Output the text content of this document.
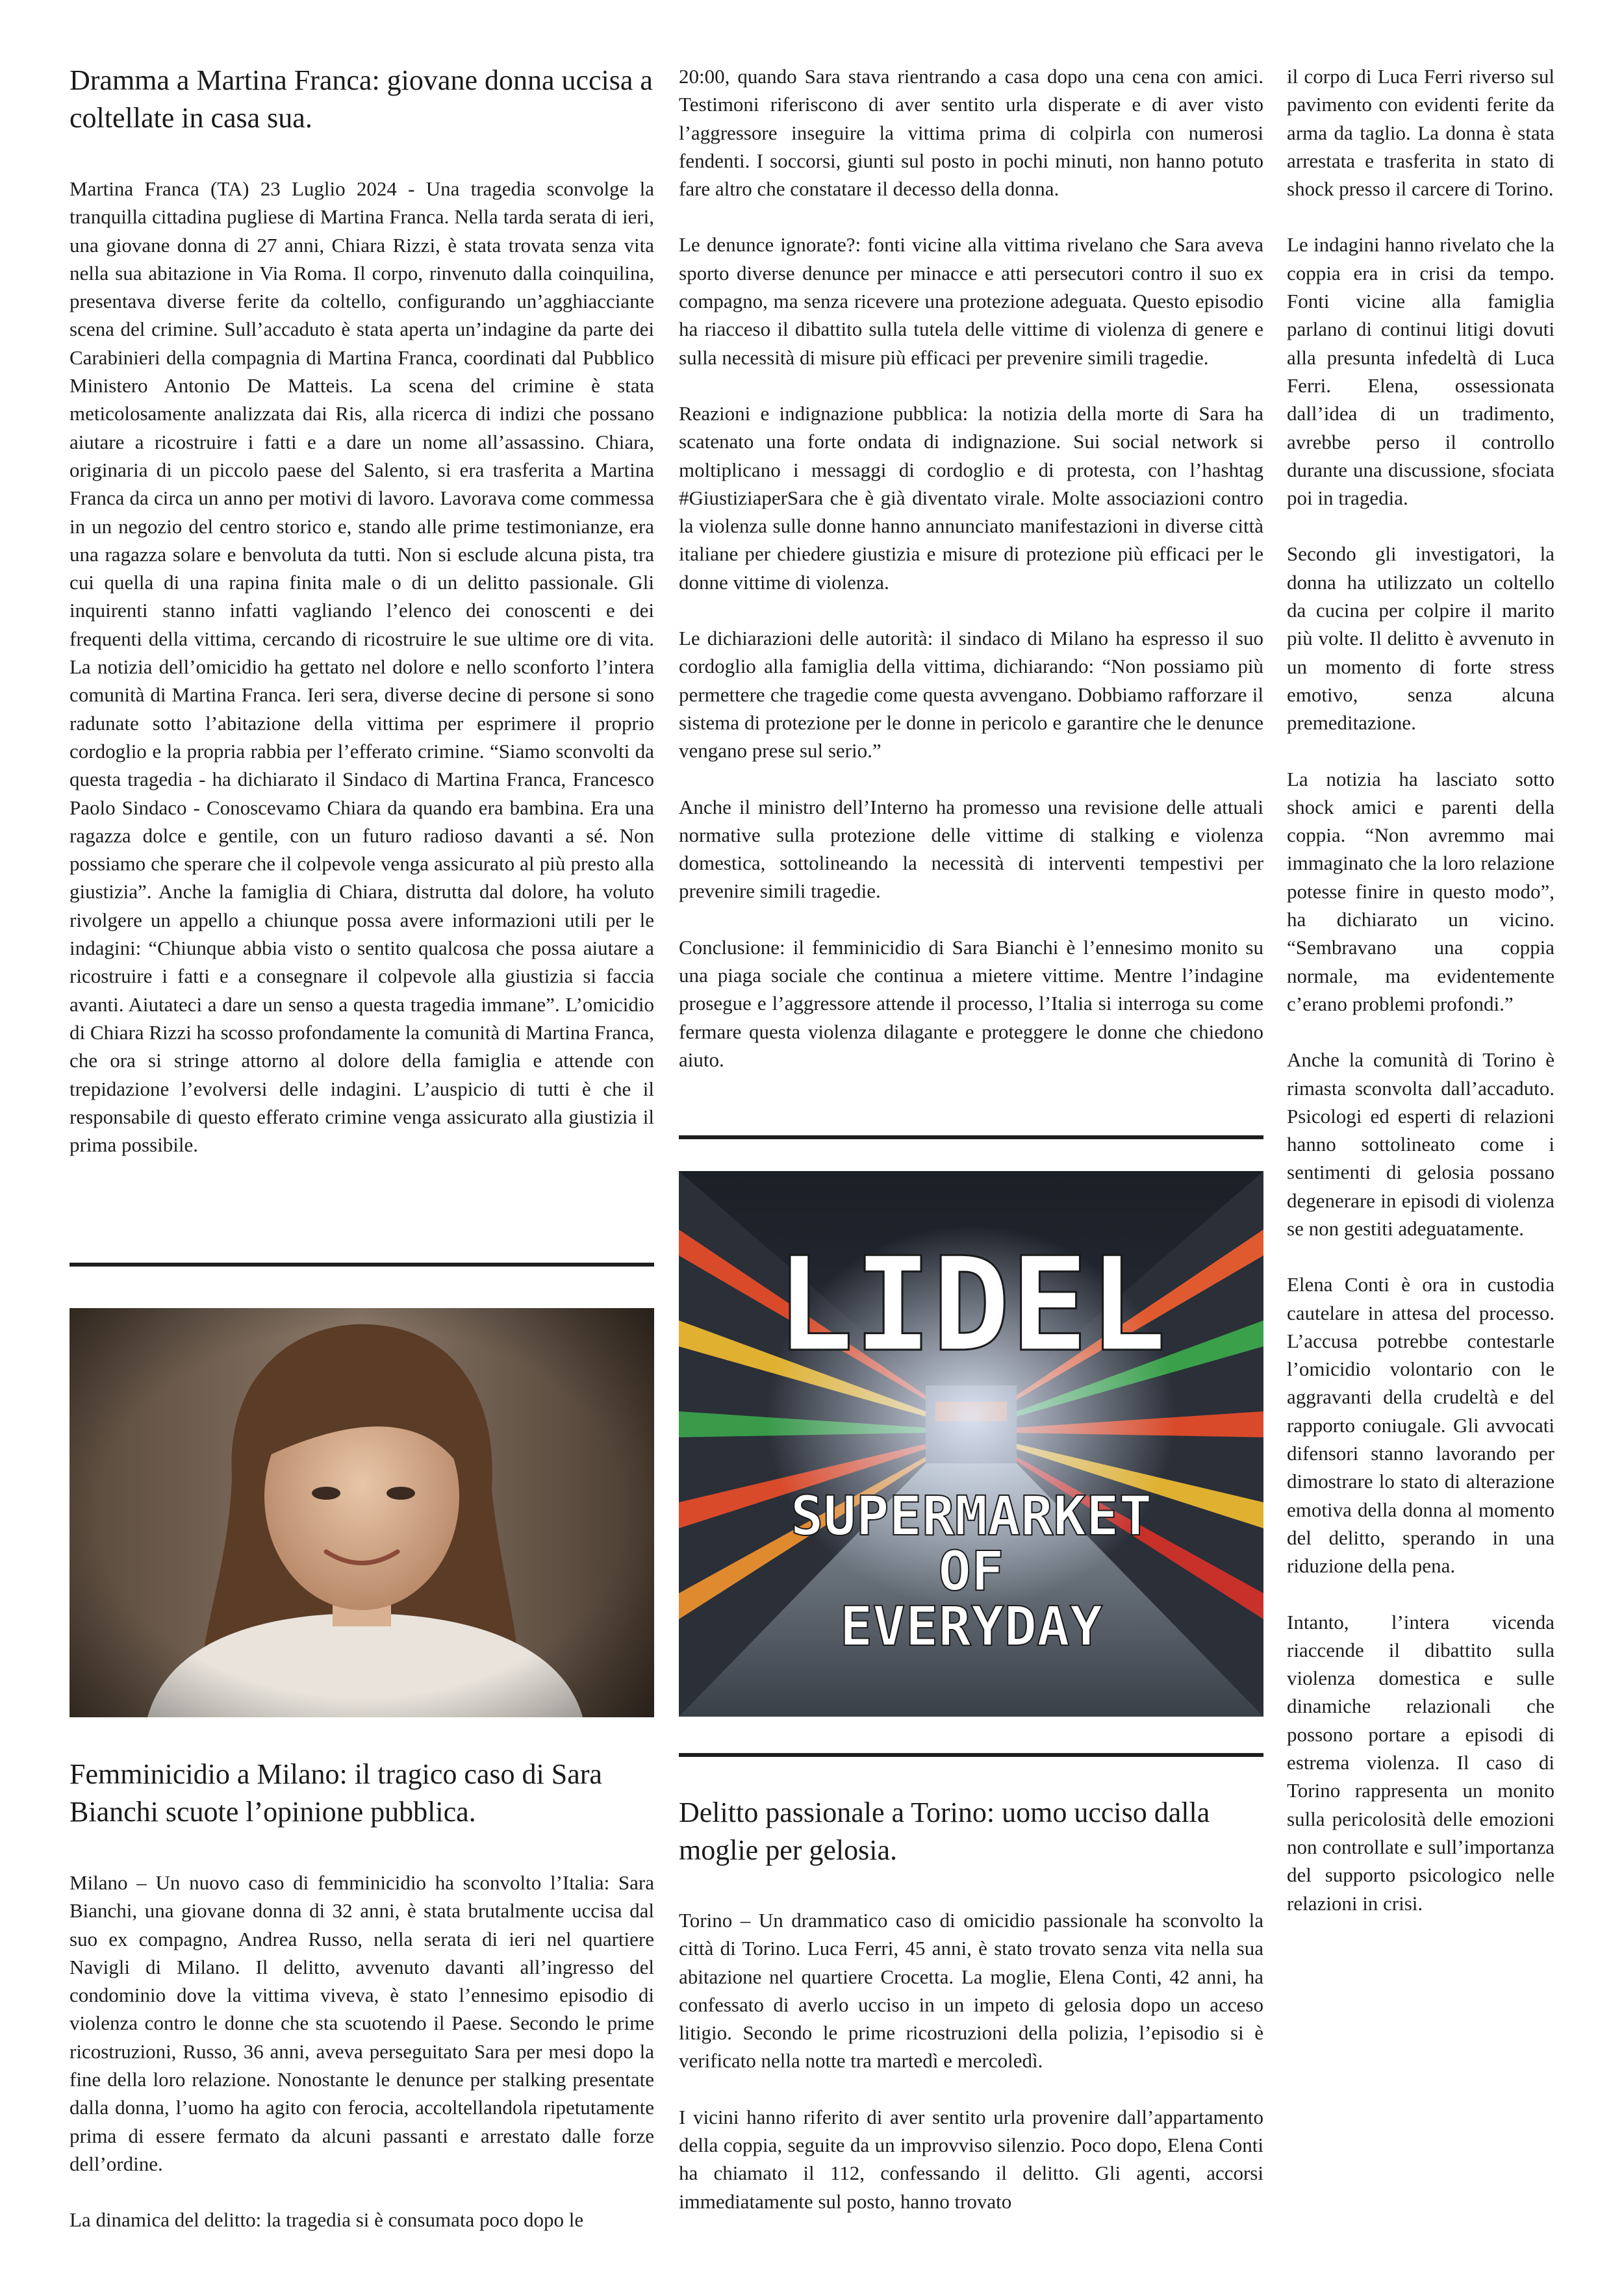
Dramma a Martina Franca: giovane donna uccisa a coltellate in casa sua.

Martina Franca (TA) 23 Luglio 2024 - Una tragedia sconvolge la tranquilla cittadina pugliese di Martina Franca. Nella tarda serata di ieri, una giovane donna di 27 anni, Chiara Rizzi, è stata trovata senza vita nella sua abitazione in Via Roma. Il corpo, rinvenuto dalla coinquilina, presentava diverse ferite da coltello, configurando un’agghiacciante scena del crimine. Sull’accaduto è stata aperta un’indagine da parte dei Carabinieri della compagnia di Martina Franca, coordinati dal Pubblico Ministero Antonio De Matteis. La scena del crimine è stata meticolosamente analizzata dai Ris, alla ricerca di indizi che possano aiutare a ricostruire i fatti e a dare un nome all’assassino. Chiara, originaria di un piccolo paese del Salento, si era trasferita a Martina Franca da circa un anno per motivi di lavoro. Lavorava come commessa in un negozio del centro storico e, stando alle prime testimonianze, era una ragazza solare e benvoluta da tutti. Non si esclude alcuna pista, tra cui quella di una rapina finita male o di un delitto passionale. Gli inquirenti stanno infatti vagliando l’elenco dei conoscenti e dei frequenti della vittima, cercando di ricostruire le sue ultime ore di vita. La notizia dell’omicidio ha gettato nel dolore e nello sconforto l’intera comunità di Martina Franca. Ieri sera, diverse decine di persone si sono radunate sotto l’abitazione della vittima per esprimere il proprio cordoglio e la propria rabbia per l’efferato crimine. “Siamo sconvolti da questa tragedia - ha dichiarato il Sindaco di Martina Franca, Francesco Paolo Sindaco - Conoscevamo Chiara da quando era bambina. Era una ragazza dolce e gentile, con un futuro radioso davanti a sé. Non possiamo che sperare che il colpevole venga assicurato al più presto alla giustizia”. Anche la famiglia di Chiara, distrutta dal dolore, ha voluto rivolgere un appello a chiunque possa avere informazioni utili per le indagini: “Chiunque abbia visto o sentito qualcosa che possa aiutare a ricostruire i fatti e a consegnare il colpevole alla giustizia si faccia avanti. Aiutateci a dare un senso a questa tragedia immane”. L’omicidio di Chiara Rizzi ha scosso profondamente la comunità di Martina Franca, che ora si stringe attorno al dolore della famiglia e attende con trepidazione l’evolversi delle indagini. L’auspicio di tutti è che il responsabile di questo efferato crimine venga assicurato alla giustizia il prima possibile.

Femminicidio a Milano: il tragico caso di Sara Bianchi scuote l’opinione pubblica.

Milano – Un nuovo caso di femminicidio ha sconvolto l’Italia: Sara Bianchi, una giovane donna di 32 anni, è stata brutalmente uccisa dal suo ex compagno, Andrea Russo, nella serata di ieri nel quartiere Navigli di Milano. Il delitto, avvenuto davanti all’ingresso del condominio dove la vittima viveva, è stato l’ennesimo episodio di violenza contro le donne che sta scuotendo il Paese. Secondo le prime ricostruzioni, Russo, 36 anni, aveva perseguitato Sara per mesi dopo la fine della loro relazione. Nonostante le denunce per stalking presentate dalla donna, l’uomo ha agito con ferocia, accoltellandola ripetutamente prima di essere fermato da alcuni passanti e arrestato dalle forze dell’ordine.

La dinamica del delitto: la tragedia si è consumata poco dopo le

20:00, quando Sara stava rientrando a casa dopo una cena con amici. Testimoni riferiscono di aver sentito urla disperate e di aver visto l’aggressore inseguire la vittima prima di colpirla con numerosi fendenti. I soccorsi, giunti sul posto in pochi minuti, non hanno potuto fare altro che constatare il decesso della donna.

Le denunce ignorate?: fonti vicine alla vittima rivelano che Sara aveva sporto diverse denunce per minacce e atti persecutori contro il suo ex compagno, ma senza ricevere una protezione adeguata. Questo episodio ha riacceso il dibattito sulla tutela delle vittime di violenza di genere e sulla necessità di misure più efficaci per prevenire simili tragedie.

Reazioni e indignazione pubblica: la notizia della morte di Sara ha scatenato una forte ondata di indignazione. Sui social network si moltiplicano i messaggi di cordoglio e di protesta, con l’hashtag #GiustiziaperSara che è già diventato virale. Molte associazioni contro la violenza sulle donne hanno annunciato manifestazioni in diverse città italiane per chiedere giustizia e misure di protezione più efficaci per le donne vittime di violenza.

Le dichiarazioni delle autorità: il sindaco di Milano ha espresso il suo cordoglio alla famiglia della vittima, dichiarando: “Non possiamo più permettere che tragedie come questa avvengano. Dobbiamo rafforzare il sistema di protezione per le donne in pericolo e garantire che le denunce vengano prese sul serio.”

Anche il ministro dell’Interno ha promesso una revisione delle attuali normative sulla protezione delle vittime di stalking e violenza domestica, sottolineando la necessità di interventi tempestivi per prevenire simili tragedie.

Conclusione: il femminicidio di Sara Bianchi è l’ennesimo monito su una piaga sociale che continua a mietere vittime. Mentre l’indagine prosegue e l’aggressore attende il processo, l’Italia si interroga su come fermare questa violenza dilagante e proteggere le donne che chiedono aiuto.

LIDEL
SUPERMARKET
OF
EVERYDAY
Delitto passionale a Torino: uomo ucciso dalla moglie per gelosia.

Torino – Un drammatico caso di omicidio passionale ha sconvolto la città di Torino. Luca Ferri, 45 anni, è stato trovato senza vita nella sua abitazione nel quartiere Crocetta. La moglie, Elena Conti, 42 anni, ha confessato di averlo ucciso in un impeto di gelosia dopo un acceso litigio. Secondo le prime ricostruzioni della polizia, l’episodio si è verificato nella notte tra martedì e mercoledì.

I vicini hanno riferito di aver sentito urla provenire dall’appartamento della coppia, seguite da un improvviso silenzio. Poco dopo, Elena Conti ha chiamato il 112, confessando il delitto. Gli agenti, accorsi immediatamente sul posto, hanno trovato

il corpo di Luca Ferri riverso sul pavimento con evidenti ferite da arma da taglio. La donna è stata arrestata e trasferita in stato di shock presso il carcere di Torino.

Le indagini hanno rivelato che la coppia era in crisi da tempo. Fonti vicine alla famiglia parlano di continui litigi dovuti alla presunta infedeltà di Luca Ferri. Elena, ossessionata dall’idea di un tradimento, avrebbe perso il controllo durante una discussione, sfociata poi in tragedia.

Secondo gli investigatori, la donna ha utilizzato un coltello da cucina per colpire il marito più volte. Il delitto è avvenuto in un momento di forte stress emotivo, senza alcuna premeditazione.

La notizia ha lasciato sotto shock amici e parenti della coppia. “Non avremmo mai immaginato che la loro relazione potesse finire in questo modo”, ha dichiarato un vicino. “Sembravano una coppia normale, ma evidentemente c’erano problemi profondi.”

Anche la comunità di Torino è rimasta sconvolta dall’accaduto. Psicologi ed esperti di relazioni hanno sottolineato come i sentimenti di gelosia possano degenerare in episodi di violenza se non gestiti adeguatamente.

Elena Conti è ora in custodia cautelare in attesa del processo. L’accusa potrebbe contestarle l’omicidio volontario con le aggravanti della crudeltà e del rapporto coniugale. Gli avvocati difensori stanno lavorando per dimostrare lo stato di alterazione emotiva della donna al momento del delitto, sperando in una riduzione della pena.

Intanto, l’intera vicenda riaccende il dibattito sulla violenza domestica e sulle dinamiche relazionali che possono portare a episodi di estrema violenza. Il caso di Torino rappresenta un monito sulla pericolosità delle emozioni non controllate e sull’importanza del supporto psicologico nelle relazioni in crisi.
